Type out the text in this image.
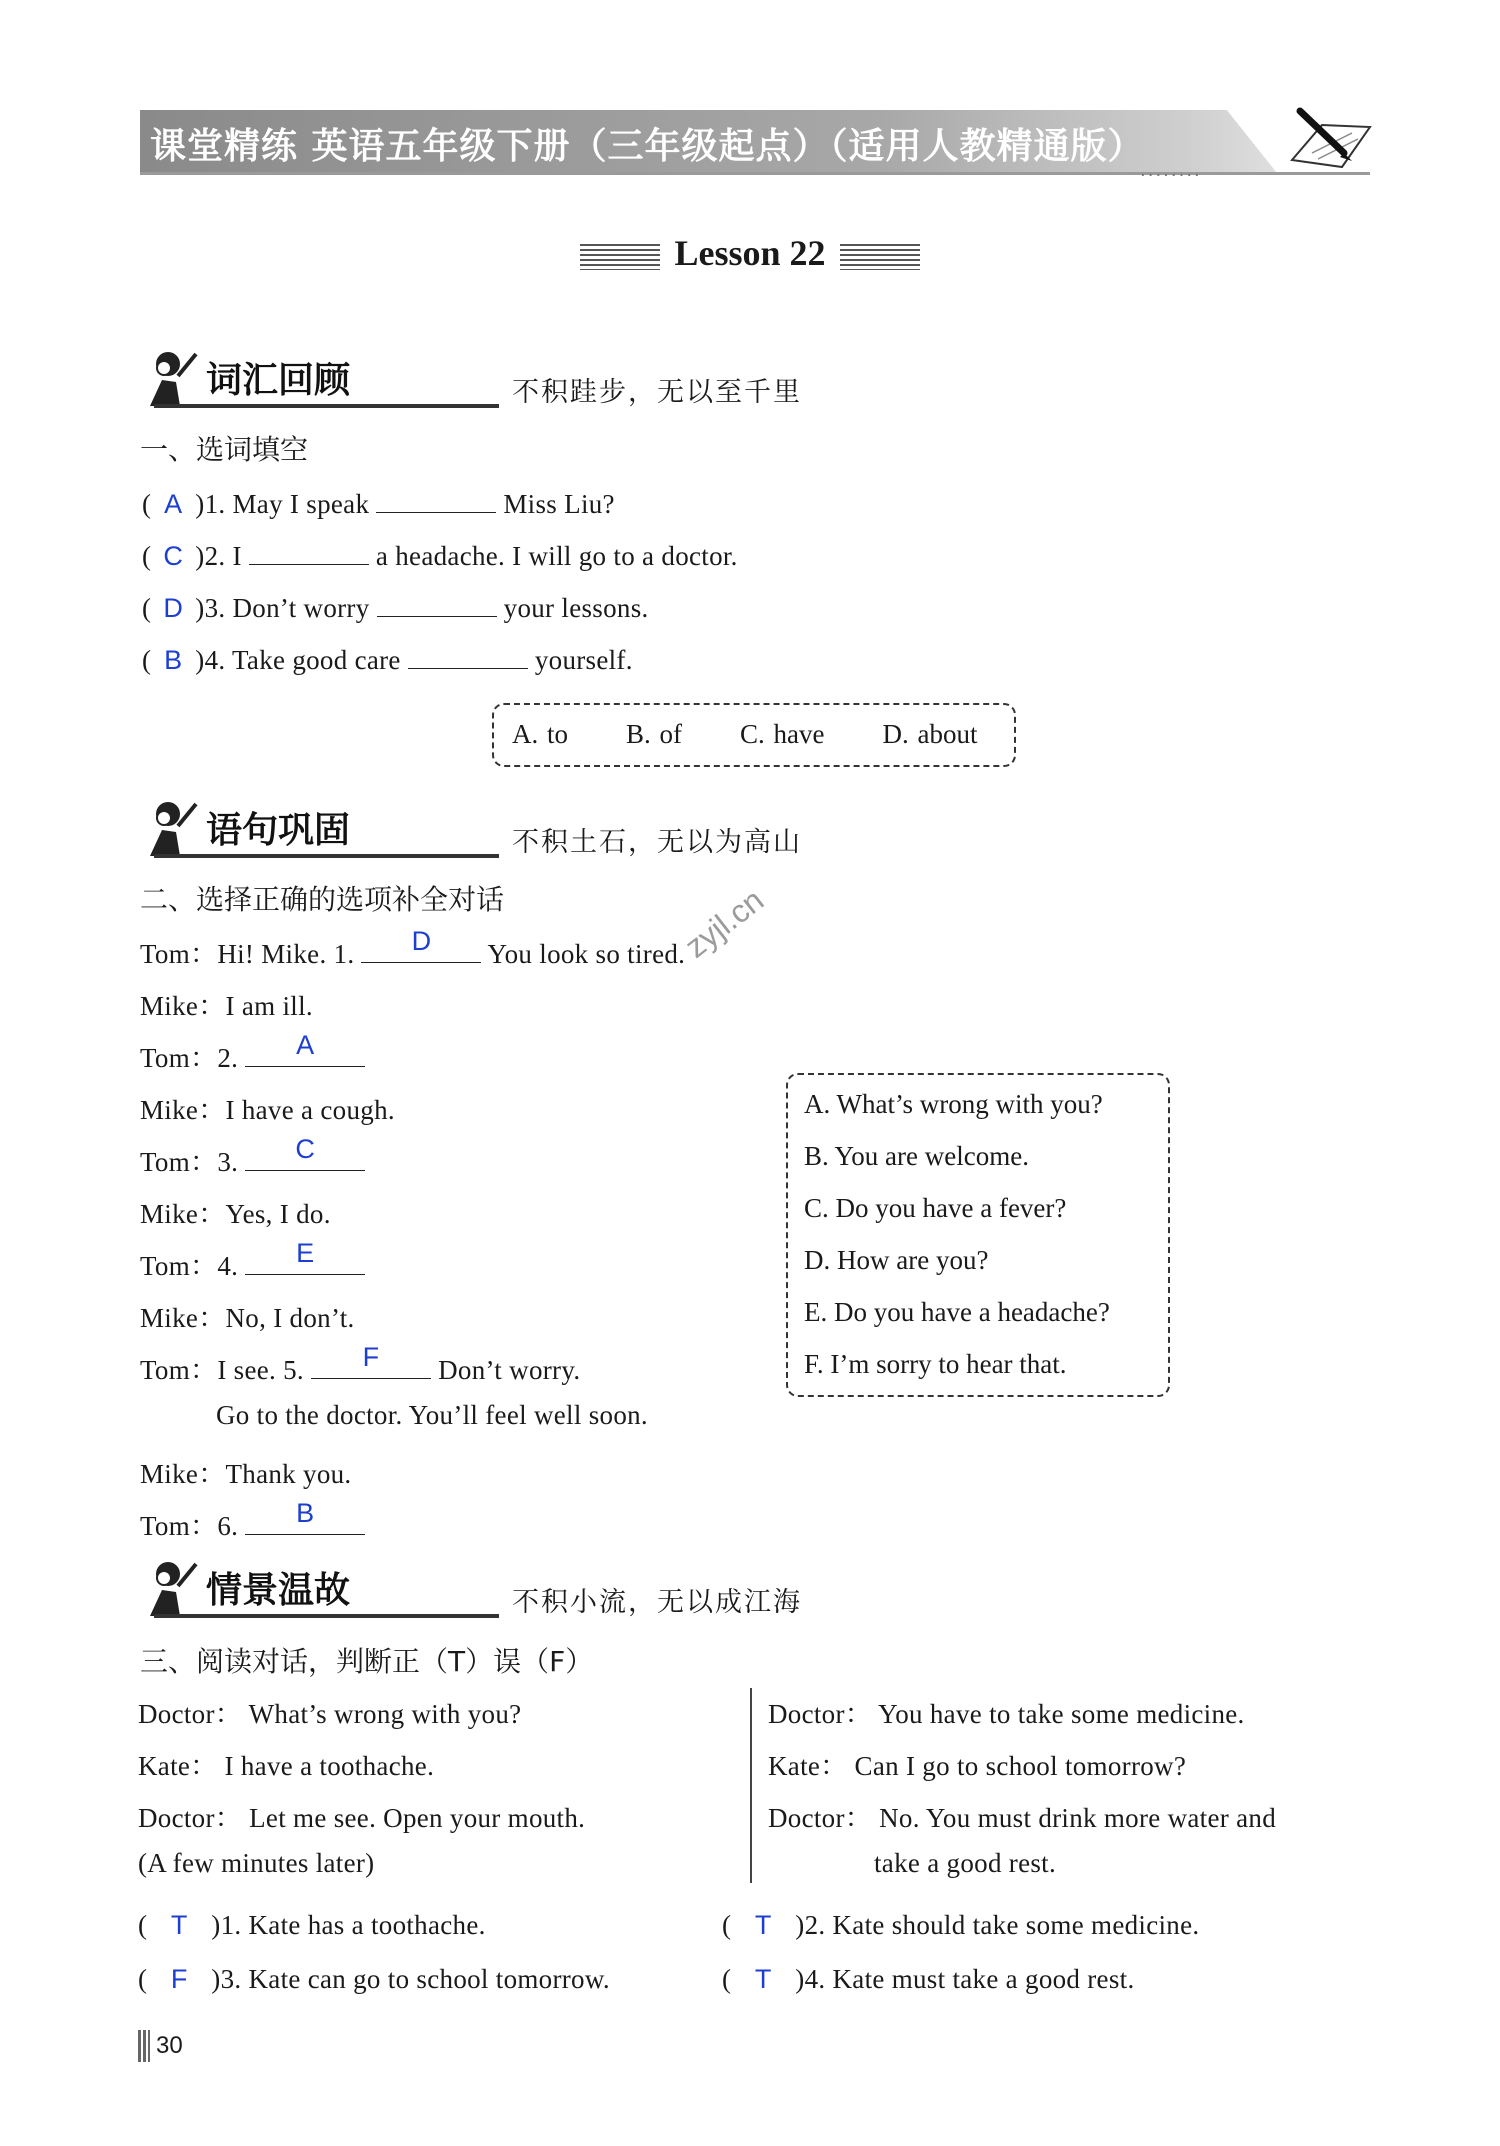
课堂精练 英语五年级下册（三年级起点）（适用人教精通版）
........
Lesson 22
词汇回顾	不积跬步，无以至千里
一、选词填空
( A )1. May I speak	Miss Liu?
( C )2. I	a headache. I will go to a doctor.
( D )3. Don’t worry	your lessons.
( B )4. Take good care	yourself.
A. to B. of C. have D. about
语句巩固	不积土石，无以为高山
二、选择正确的选项补全对话
Tom：Hi! Mike. 1.	D	You look so tired.
Mike：I am ill.
Tom：2.	A
Mike：I have a cough.
Tom：3.	C
Mike：Yes, I do.
Tom：4.	E
Mike：No, I don’t.
Tom：I see. 5.	F	Don’t worry.
Go to the doctor. You’ll feel well soon.
Mike：Thank you.
Tom：6.	B
A. What’s wrong with you?
B. You are welcome.
C. Do you have a fever?
D. How are you?
E. Do you have a headache?
F. I’m sorry to hear that.
zyjl.cn
情景温故	不积小流，无以成江海
三、阅读对话，判断正（T）误（F）
Doctor： What’s wrong with you?
Kate： I have a toothache.
Doctor： Let me see. Open your mouth.
(A few minutes later)
Doctor： You have to take some medicine.
Kate： Can I go to school tomorrow?
Doctor： No. You must drink more water and
take a good rest.
( T )1. Kate has a toothache.	( T )2. Kate should take some medicine.
( F )3. Kate can go to school tomorrow.	( T )4. Kate must take a good rest.
30
